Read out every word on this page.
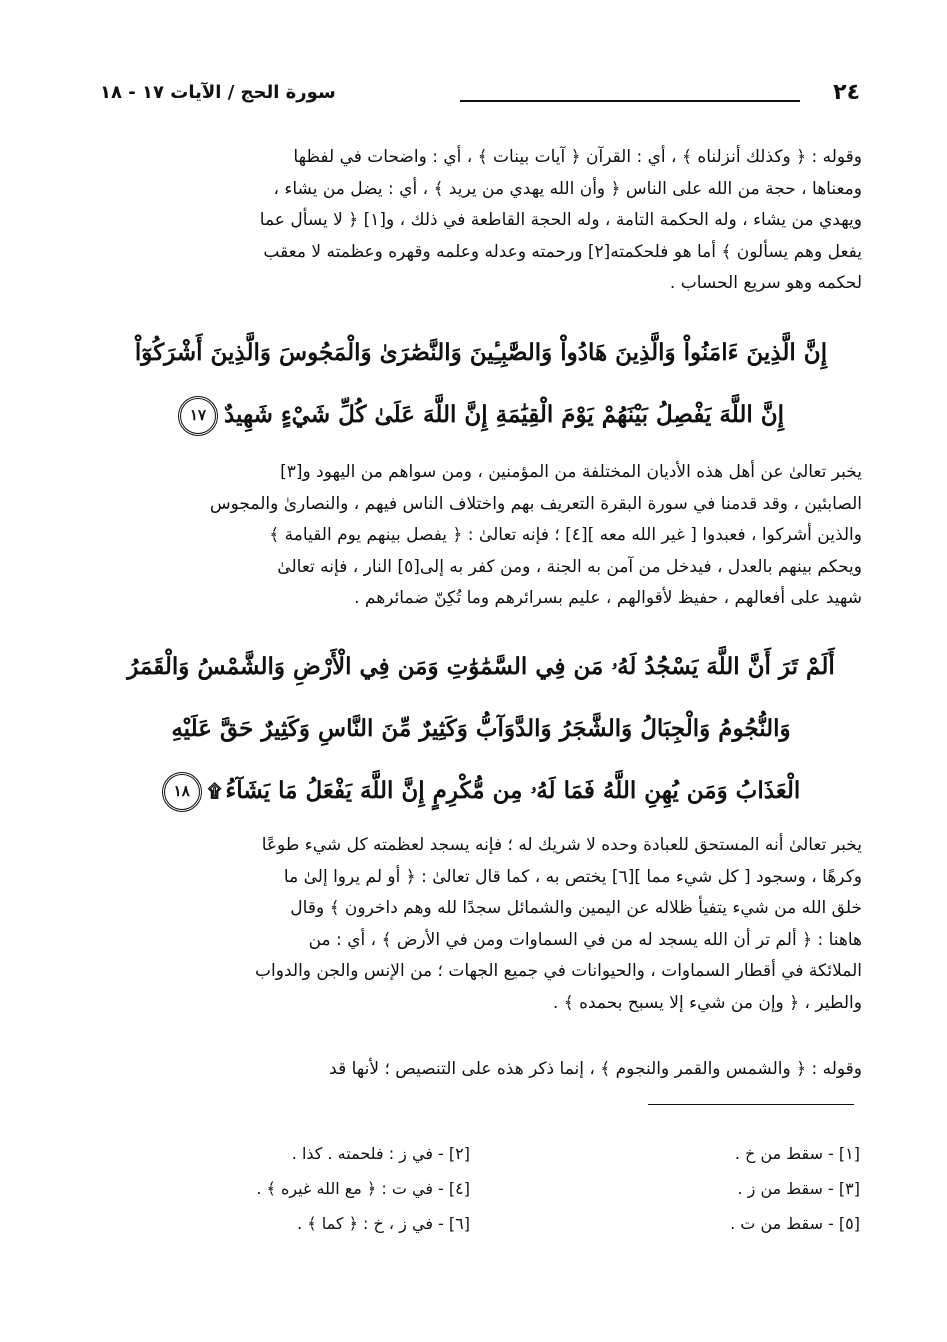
٢٤
سورة الحج / الآيات ١٧ - ١٨

وقوله : ﴿ وكذلك أنزلناه ﴾ ، أي : القرآن ﴿ آيات بينات ﴾ ، أي : واضحات في لفظها

ومعناها ، حجة من الله على الناس ﴿ وأن الله يهدي من يريد ﴾ ، أي : يضل من يشاء ،

ويهدي من يشاء ، وله الحكمة التامة ، وله الحجة القاطعة في ذلك ، و[١] ﴿ لا يسأل عما

يفعل وهم يسألون ﴾ أما هو فلحكمته[٢] ورحمته وعدله وعلمه وقهره وعظمته لا معقب

لحكمه وهو سريع الحساب .

إِنَّ الَّذِينَ ءَامَنُواْ وَالَّذِينَ هَادُواْ وَالصَّٰبِـِٔينَ وَالنَّصَٰرَىٰ وَالْمَجُوسَ وَالَّذِينَ أَشْرَكُوٓاْ
إِنَّ اللَّهَ يَفْصِلُ بَيْنَهُمْ يَوْمَ الْقِيَٰمَةِ إِنَّ اللَّهَ عَلَىٰ كُلِّ شَيْءٍ شَهِيدٌ١٧

يخبر تعالىٰ عن أهل هذه الأديان المختلفة من المؤمنين ، ومن سواهم من اليهود و[٣]

الصابئين ، وقد قدمنا في سورة البقرة التعريف بهم واختلاف الناس فيهم ، والنصارىٰ والمجوس

والذين أشركوا ، فعبدوا [ غير الله معه ][٤] ؛ فإنه تعالىٰ : ﴿ يفصل بينهم يوم القيامة ﴾

ويحكم بينهم بالعدل ، فيدخل من آمن به الجنة ، ومن كفر به إلى[٥] النار ، فإنه تعالىٰ

شهيد على أفعالهم ، حفيظ لأقوالهم ، عليم بسرائرهم وما تُكِنّ ضمائرهم .

أَلَمْ تَرَ أَنَّ اللَّهَ يَسْجُدُ لَهُۥ مَن فِي السَّمَٰوَٰتِ وَمَن فِي الْأَرْضِ وَالشَّمْسُ وَالْقَمَرُ
وَالنُّجُومُ وَالْجِبَالُ وَالشَّجَرُ وَالدَّوَآبُّ وَكَثِيرٌ مِّنَ النَّاسِ وَكَثِيرٌ حَقَّ عَلَيْهِ
الْعَذَابُ وَمَن يُهِنِ اللَّهُ فَمَا لَهُۥ مِن مُّكْرِمٍ إِنَّ اللَّهَ يَفْعَلُ مَا يَشَآءُ۩١٨

يخبر تعالىٰ أنه المستحق للعبادة وحده لا شريك له ؛ فإنه يسجد لعظمته كل شيء طوعًا

وكرهًا ، وسجود [ كل شيء مما ][٦] يختص به ، كما قال تعالىٰ : ﴿ أو لم يروا إلىٰ ما

خلق الله من شيء يتفيأ ظلاله عن اليمين والشمائل سجدًا لله وهم داخرون ﴾ وقال

هاهنا : ﴿ ألم تر أن الله يسجد له من في السماوات ومن في الأرض ﴾ ، أي : من

الملائكة في أقطار السماوات ، والحيوانات في جميع الجهات ؛ من الإنس والجن والدواب

والطير ، ﴿ وإن من شيء إلا يسبح بحمده ﴾ .

وقوله : ﴿ والشمس والقمر والنجوم ﴾ ، إنما ذكر هذه على التنصيص ؛ لأنها قد

[١] - سقط من خ .
[٣] - سقط من ز .
[٥] - سقط من ت .
[٢] - في ز : فلحمته . كذا .
[٤] - في ت : ﴿ مع الله غيره ﴾ .
[٦] - في ز ، خ : ﴿ كما ﴾ .
